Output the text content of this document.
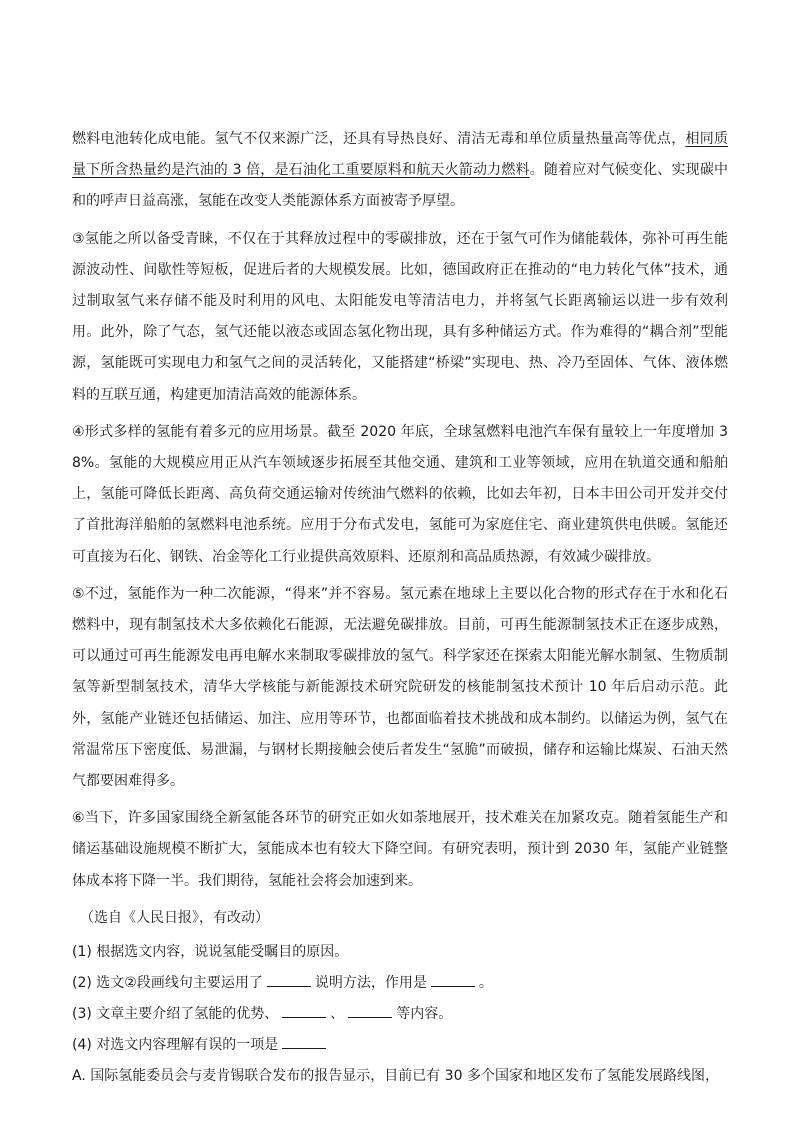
燃料电池转化成电能。氢气不仅来源广泛，还具有导热良好、清洁无毒和单位质量热量高等优点，相同质量下所含热量约是汽油的 3 倍，是石油化工重要原料和航天火箭动力燃料。随着应对气候变化、实现碳中和的呼声日益高涨，氢能在改变人类能源体系方面被寄予厚望。

③氢能之所以备受青睐，不仅在于其释放过程中的零碳排放，还在于氢气可作为储能载体，弥补可再生能源波动性、间歇性等短板，促进后者的大规模发展。比如，德国政府正在推动的“电力转化气体”技术，通过制取氢气来存储不能及时利用的风电、太阳能发电等清洁电力，并将氢气长距离输运以进一步有效利用。此外，除了气态，氢气还能以液态或固态氢化物出现，具有多种储运方式。作为难得的“耦合剂”型能源，氢能既可实现电力和氢气之间的灵活转化，又能搭建“桥梁”实现电、热、冷乃至固体、气体、液体燃料的互联互通，构建更加清洁高效的能源体系。

④形式多样的氢能有着多元的应用场景。截至 2020 年底，全球氢燃料电池汽车保有量较上一年度增加 38%。氢能的大规模应用正从汽车领域逐步拓展至其他交通、建筑和工业等领域，应用在轨道交通和船舶上，氢能可降低长距离、高负荷交通运输对传统油气燃料的依赖，比如去年初，日本丰田公司开发并交付了首批海洋船舶的氢燃料电池系统。应用于分布式发电，氢能可为家庭住宅、商业建筑供电供暖。氢能还可直接为石化、钢铁、冶金等化工行业提供高效原料、还原剂和高品质热源，有效减少碳排放。

⑤不过，氢能作为一种二次能源，“得来”并不容易。氢元素在地球上主要以化合物的形式存在于水和化石燃料中，现有制氢技术大多依赖化石能源，无法避免碳排放。目前，可再生能源制氢技术正在逐步成熟，可以通过可再生能源发电再电解水来制取零碳排放的氢气。科学家还在探索太阳能光解水制氢、生物质制氢等新型制氢技术，清华大学核能与新能源技术研究院研发的核能制氢技术预计 10 年后启动示范。此外，氢能产业链还包括储运、加注、应用等环节，也都面临着技术挑战和成本制约。以储运为例，氢气在常温常压下密度低、易泄漏，与钢材长期接触会使后者发生“氢脆”而破损，储存和运输比煤炭、石油天然气都要困难得多。

⑥当下，许多国家围绕全新氢能各环节的研究正如火如荼地展开，技术难关在加紧攻克。随着氢能生产和储运基础设施规模不断扩大，氢能成本也有较大下降空间。有研究表明，预计到 2030 年，氢能产业链整体成本将下降一半。我们期待，氢能社会将会加速到来。

（选自《人民日报》，有改动）

(1) 根据选文内容，说说氢能受瞩目的原因。

(2) 选文②段画线句主要运用了	说明方法，作用是	。

(3) 文章主要介绍了氢能的优势、	、	等内容。

(4) 对选文内容理解有误的一项是

A. 国际氢能委员会与麦肯锡联合发布的报告显示，目前已有 30 多个国家和地区发布了氢能发展路线图，
